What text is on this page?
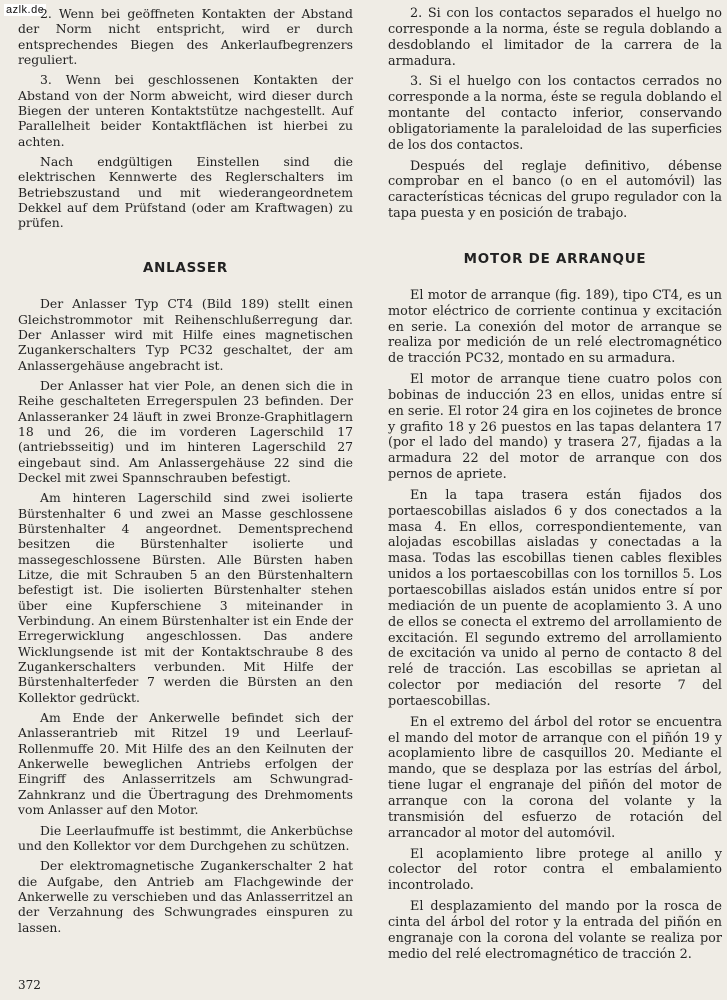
azlk.de

2. Wenn bei geöffneten Kontakten der Abstand der Norm nicht entspricht, wird er durch entsprechendes Biegen des Ankerlaufbegrenzers reguliert.

3. Wenn bei geschlossenen Kontakten der Abstand von der Norm abweicht, wird dieser durch Biegen der unteren Kontaktstütze nachgestellt. Auf Parallelheit beider Kontaktflächen ist hierbei zu achten.

Nach endgültigen Einstellen sind die elektrischen Kennwerte des Reglerschalters im Betriebszustand und mit wiederangeordnetem Dekkel auf dem Prüfstand (oder am Kraftwagen) zu prüfen.

ANLASSER

Der Anlasser Typ CT4 (Bild 189) stellt einen Gleichstrommotor mit Reihenschlußerregung dar. Der Anlasser wird mit Hilfe eines magnetischen Zugankerschalters Typ PC32 geschaltet, der am Anlassergehäuse angebracht ist.

Der Anlasser hat vier Pole, an denen sich die in Reihe geschalteten Erregerspulen 23 befinden. Der Anlasseranker 24 läuft in zwei Bronze-Graphitlagern 18 und 26, die im vorderen Lagerschild 17 (antriebsseitig) und im hinteren Lagerschild 27 eingebaut sind. Am Anlassergehäuse 22 sind die Deckel mit zwei Spannschrauben befestigt.

Am hinteren Lagerschild sind zwei isolierte Bürstenhalter 6 und zwei an Masse geschlossene Bürstenhalter 4 angeordnet. Dementsprechend besitzen die Bürstenhalter isolierte und massegeschlossene Bürsten. Alle Bürsten haben Litze, die mit Schrauben 5 an den Bürstenhaltern befestigt ist. Die isolierten Bürstenhalter stehen über eine Kupferschiene 3 miteinander in Verbindung. An einem Bürstenhalter ist ein Ende der Erregerwicklung angeschlossen. Das andere Wicklungsende ist mit der Kontaktschraube 8 des Zugankerschalters verbunden. Mit Hilfe der Bürstenhalterfeder 7 werden die Bürsten an den Kollektor gedrückt.

Am Ende der Ankerwelle befindet sich der Anlasserantrieb mit Ritzel 19 und Leerlauf-Rollenmuffe 20. Mit Hilfe des an den Keilnuten der Ankerwelle beweglichen Antriebs erfolgen der Eingriff des Anlasserritzels am Schwungrad-Zahnkranz und die Übertragung des Drehmoments vom Anlasser auf den Motor.

Die Leerlaufmuffe ist bestimmt, die Ankerbüchse und den Kollektor vor dem Durchgehen zu schützen.

Der elektromagnetische Zugankerschalter 2 hat die Aufgabe, den Antrieb am Flachgewinde der Ankerwelle zu verschieben und das Anlasserritzel an der Verzahnung des Schwungrades einspuren zu lassen.

2. Si con los contactos separados el huelgo no corresponde a la norma, éste se regula doblando a desdoblando el limitador de la carrera de la armadura.

3. Si el huelgo con los contactos cerrados no corresponde a la norma, éste se regula doblando el montante del contacto inferior, conservando obligatoriamente la paraleloidad de las superficies de los dos contactos.

Después del reglaje definitivo, débense comprobar en el banco (o en el automóvil) las características técnicas del grupo regulador con la tapa puesta y en posición de trabajo.

MOTOR DE ARRANQUE

El motor de arranque (fig. 189), tipo CT4, es un motor eléctrico de corriente continua y excitación en serie. La conexión del motor de arranque se realiza por medición de un relé electromagnético de tracción PC32, montado en su armadura.

El motor de arranque tiene cuatro polos con bobinas de inducción 23 en ellos, unidas entre sí en serie. El rotor 24 gira en los cojinetes de bronce y grafito 18 y 26 puestos en las tapas delantera 17 (por el lado del mando) y trasera 27, fijadas a la armadura 22 del motor de arranque con dos pernos de apriete.

En la tapa trasera están fijados dos portaescobillas aislados 6 y dos conectados a la masa 4. En ellos, correspondientemente, van alojadas escobillas aisladas y conectadas a la masa. Todas las escobillas tienen cables flexibles unidos a los portaescobillas con los tornillos 5. Los portaescobillas aislados están unidos entre sí por mediación de un puente de acoplamiento 3. A uno de ellos se conecta el extremo del arrollamiento de excitación. El segundo extremo del arrollamiento de excitación va unido al perno de contacto 8 del relé de tracción. Las escobillas se aprietan al colector por mediación del resorte 7 del portaescobillas.

En el extremo del árbol del rotor se encuentra el mando del motor de arranque con el piñón 19 y acoplamiento libre de casquillos 20. Mediante el mando, que se desplaza por las estrías del árbol, tiene lugar el engranaje del piñón del motor de arranque con la corona del volante y la transmisión del esfuerzo de rotación del arrancador al motor del automóvil.

El acoplamiento libre protege al anillo y colector del rotor contra el embalamiento incontrolado.

El desplazamiento del mando por la rosca de cinta del árbol del rotor y la entrada del piñón en engranaje con la corona del volante se realiza por medio del relé electromagnético de tracción 2.

372
